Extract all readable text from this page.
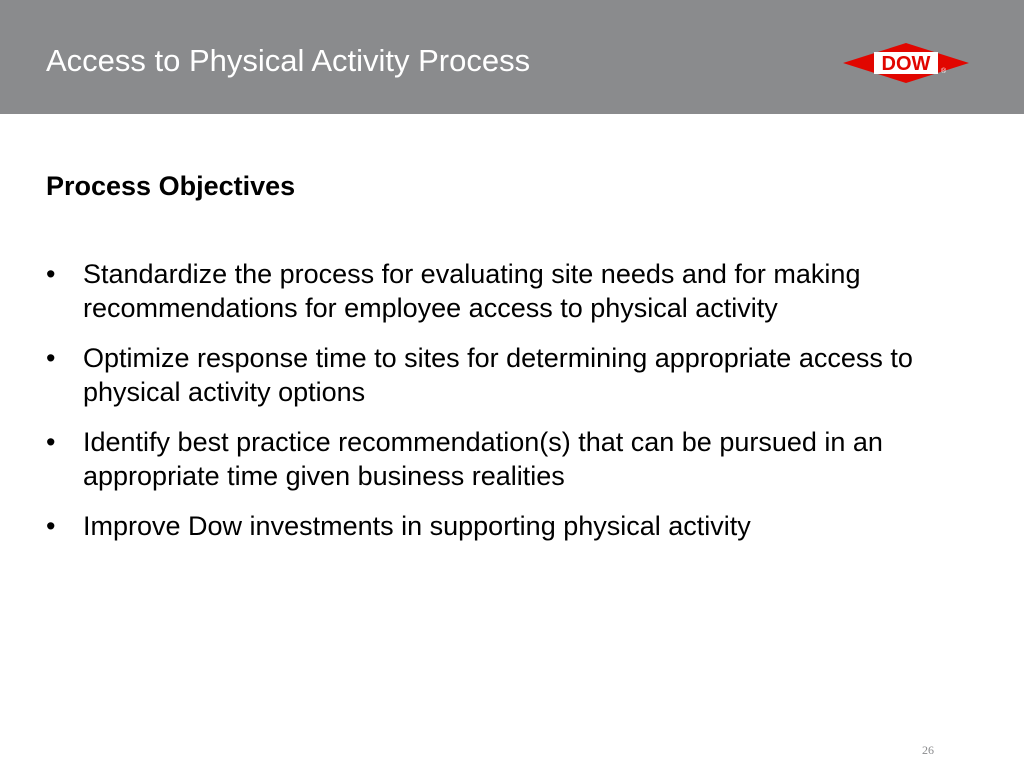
Access to Physical Activity Process	DOW ®
Process Objectives
•	Standardize the process for evaluating site needs and for making recommendations for employee access to physical activity
•	Optimize response time to sites for determining appropriate access to physical activity options
•	Identify best practice recommendation(s) that can be pursued in an appropriate time given business realities
•	Improve Dow investments in supporting physical activity
26
